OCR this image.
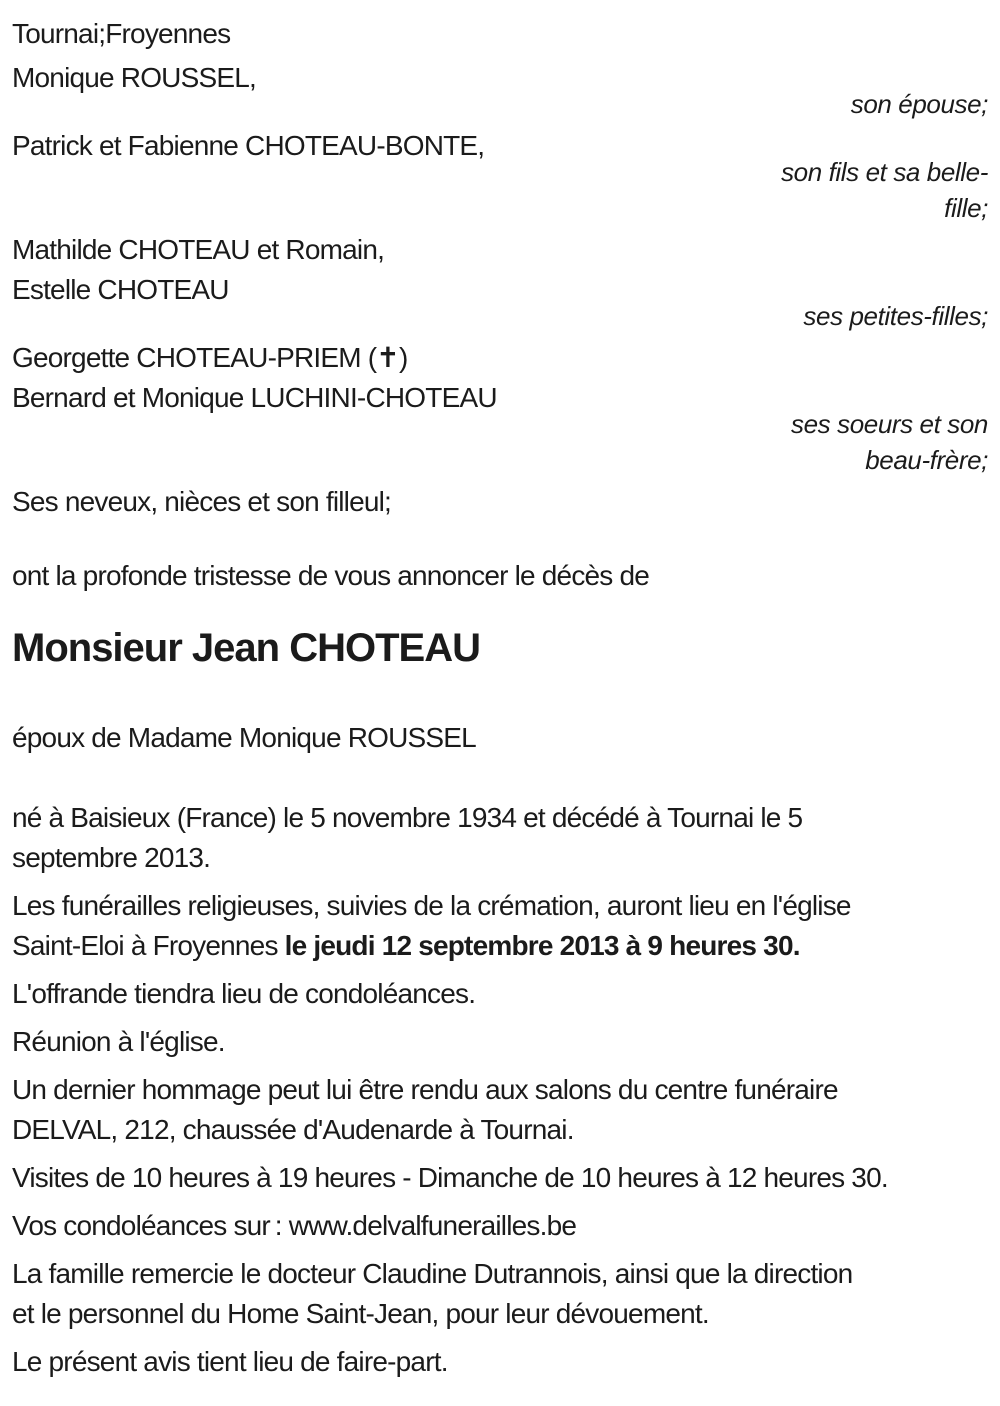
Tournai;Froyennes
Monique ROUSSEL,
son épouse;
Patrick et Fabienne CHOTEAU-BONTE,
son fils et sa belle-
fille;
Mathilde CHOTEAU et Romain,
Estelle CHOTEAU
ses petites-filles;
Georgette CHOTEAU-PRIEM (✝)
Bernard et Monique LUCHINI-CHOTEAU
ses soeurs et son
beau-frère;
Ses neveux, nièces et son filleul;
ont la profonde tristesse de vous annoncer le décès de
Monsieur Jean CHOTEAU
époux de Madame Monique ROUSSEL
né à Baisieux (France) le 5 novembre 1934 et décédé à Tournai le 5
septembre 2013.
Les funérailles religieuses, suivies de la crémation, auront lieu en l'église
Saint-Eloi à Froyennes le jeudi 12 septembre 2013 à 9 heures 30.
L'offrande tiendra lieu de condoléances.
Réunion à l'église.
Un dernier hommage peut lui être rendu aux salons du centre funéraire
DELVAL, 212, chaussée d'Audenarde à Tournai.
Visites de 10 heures à 19 heures - Dimanche de 10 heures à 12 heures 30.
Vos condoléances sur : www.delvalfunerailles.be
La famille remercie le docteur Claudine Dutrannois, ainsi que la direction
et le personnel du Home Saint-Jean, pour leur dévouement.
Le présent avis tient lieu de faire-part.
